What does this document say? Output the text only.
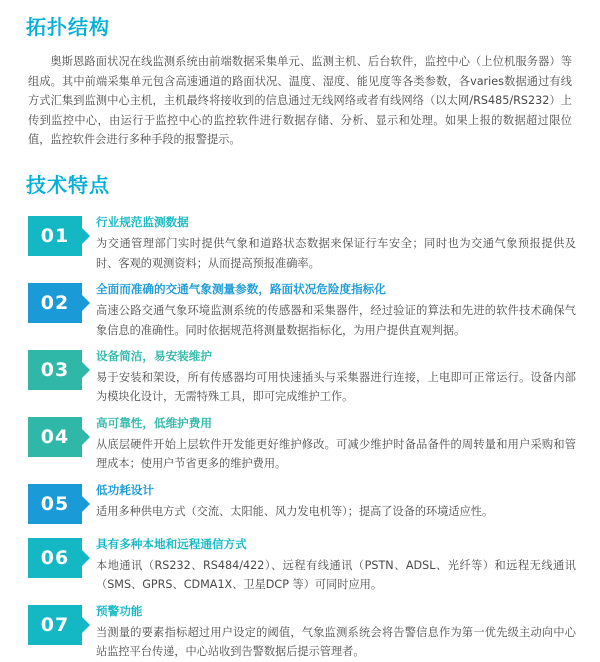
拓扑结构

奥斯恩路面状况在线监测系统由前端数据采集单元、监测主机、后台软件，监控中心（上位机服务器）等组成。其中前端采集单元包含高速通道的路面状况、温度、湿度、能见度等各类参数，各varies数据通过有线方式汇集到监测中心主机，主机最终将接收到的信息通过无线网络或者有线网络（以太网/RS485/RS232）上传到监控中心，由运行于监控中心的监控软件进行数据存储、分析、显示和处理。如果上报的数据超过限位值，监控软件会进行多种手段的报警提示。

技术特点
01
行业规范监测数据
为交通管理部门实时提供气象和道路状态数据来保证行车安全；同时也为交通气象预报提供及时、客观的观测资料；从而提高预报准确率。
02
全面而准确的交通气象测量参数，路面状况危险度指标化
高速公路交通气象环境监测系统的传感器和采集器件，经过验证的算法和先进的软件技术确保气象信息的准确性。同时依据规范将测量数据指标化，为用户提供直观判据。
03
设备简洁，易安装维护
易于安装和架设，所有传感器均可用快速插头与采集器进行连接，上电即可正常运行。设备内部为模块化设计，无需特殊工具，即可完成维护工作。
04
高可靠性，低维护费用
从底层硬件开始上层软件开发能更好维护修改。可减少维护时备品备件的周转量和用户采购和管理成本；使用户节省更多的维护费用。
05
低功耗设计
适用多种供电方式（交流、太阳能、风力发电机等）；提高了设备的环境适应性。
06
具有多种本地和远程通信方式
本地通讯（RS232、RS484/422）、远程有线通讯（PSTN、ADSL、光纤等）和远程无线通讯（SMS、GPRS、CDMA1X、卫星DCP 等）可同时应用。
07
预警功能
当测量的要素指标超过用户设定的阈值，气象监测系统会将告警信息作为第一优先级主动向中心站监控平台传递，中心站收到告警数据后提示管理者。
